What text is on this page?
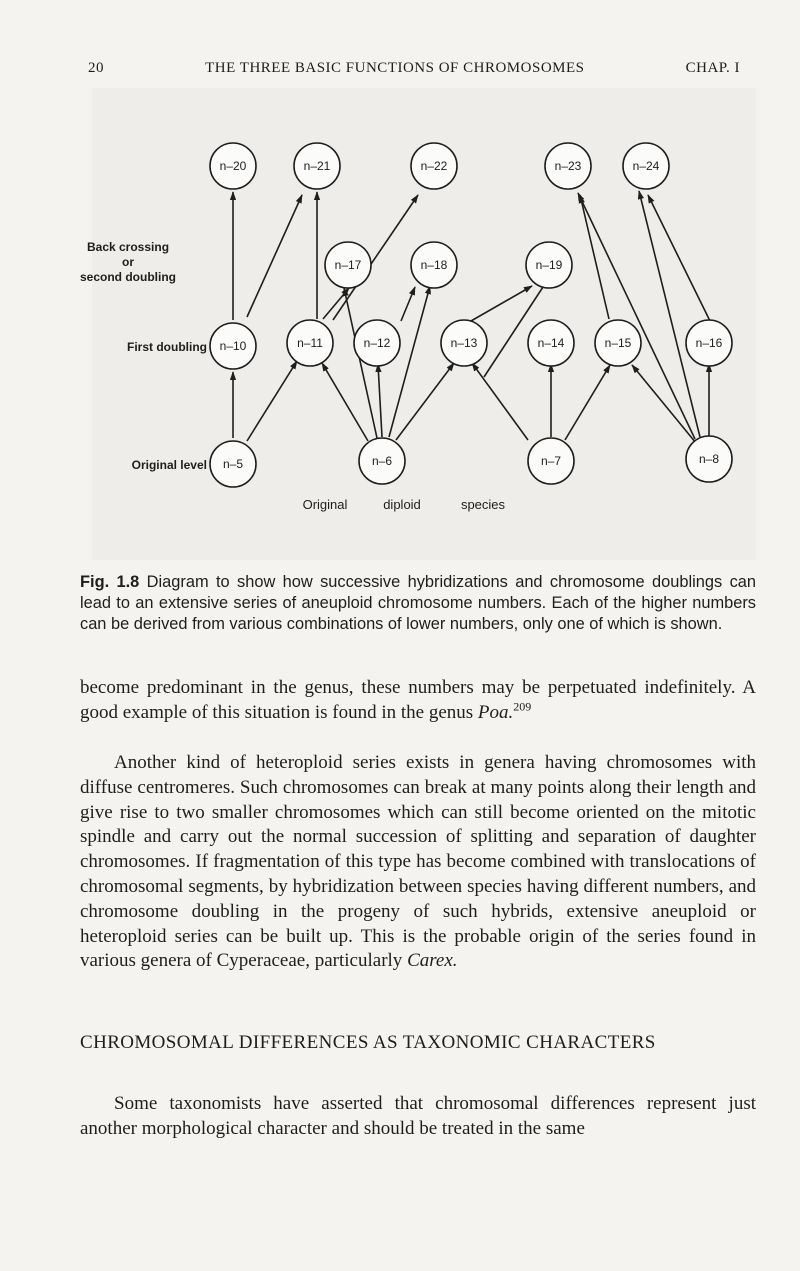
20	THE THREE BASIC FUNCTIONS OF CHROMOSOMES	CHAP. I
n–20	n–21	n–22	n–23	n–24
n–17	n–18	n–19
n–10	n–11	n–12	n–13	n–14	n–15	n–16
n–5	n–6	n–7	n–8
Back crossing
or
second doubling
First doubling
Original level
Original	diploid	species

Fig. 1.8 Diagram to show how successive hybridizations and chromosome doublings can lead to an extensive series of aneuploid chromosome numbers. Each of the higher numbers can be derived from various combinations of lower numbers, only one of which is shown.

become predominant in the genus, these numbers may be perpetuated indefinitely. A good example of this situation is found in the genus Poa.$^{209}$

Another kind of heteroploid series exists in genera having chromosomes with diffuse centromeres. Such chromosomes can break at many points along their length and give rise to two smaller chromosomes which can still become oriented on the mitotic spindle and carry out the normal succession of splitting and separation of daughter chromosomes. If fragmentation of this type has become combined with translocations of chromosomal segments, by hybridization between species having different numbers, and chromosome doubling in the progeny of such hybrids, extensive aneuploid or heteroploid series can be built up. This is the probable origin of the series found in various genera of Cyperaceae, particularly Carex.

CHROMOSOMAL DIFFERENCES AS TAXONOMIC CHARACTERS

Some taxonomists have asserted that chromosomal differences represent just another morphological character and should be treated in the same
